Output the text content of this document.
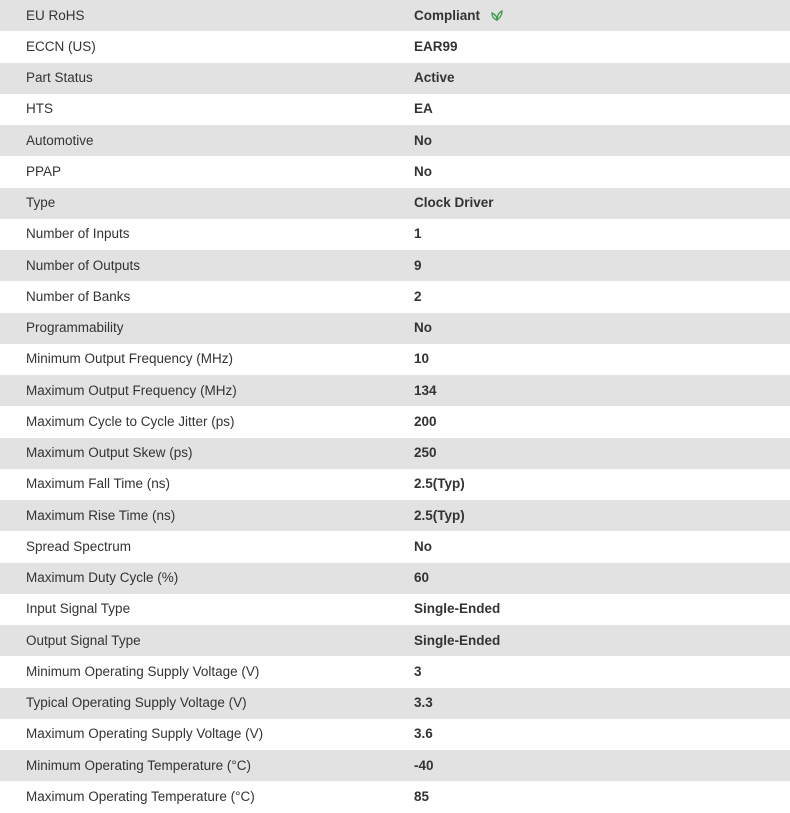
EU RoHS	Compliant
ECCN (US)	EAR99
Part Status	Active
HTS	EA
Automotive	No
PPAP	No
Type	Clock Driver
Number of Inputs	1
Number of Outputs	9
Number of Banks	2
Programmability	No
Minimum Output Frequency (MHz)	10
Maximum Output Frequency (MHz)	134
Maximum Cycle to Cycle Jitter (ps)	200
Maximum Output Skew (ps)	250
Maximum Fall Time (ns)	2.5(Typ)
Maximum Rise Time (ns)	2.5(Typ)
Spread Spectrum	No
Maximum Duty Cycle (%)	60
Input Signal Type	Single-Ended
Output Signal Type	Single-Ended
Minimum Operating Supply Voltage (V)	3
Typical Operating Supply Voltage (V)	3.3
Maximum Operating Supply Voltage (V)	3.6
Minimum Operating Temperature (°C)	-40
Maximum Operating Temperature (°C)	85
